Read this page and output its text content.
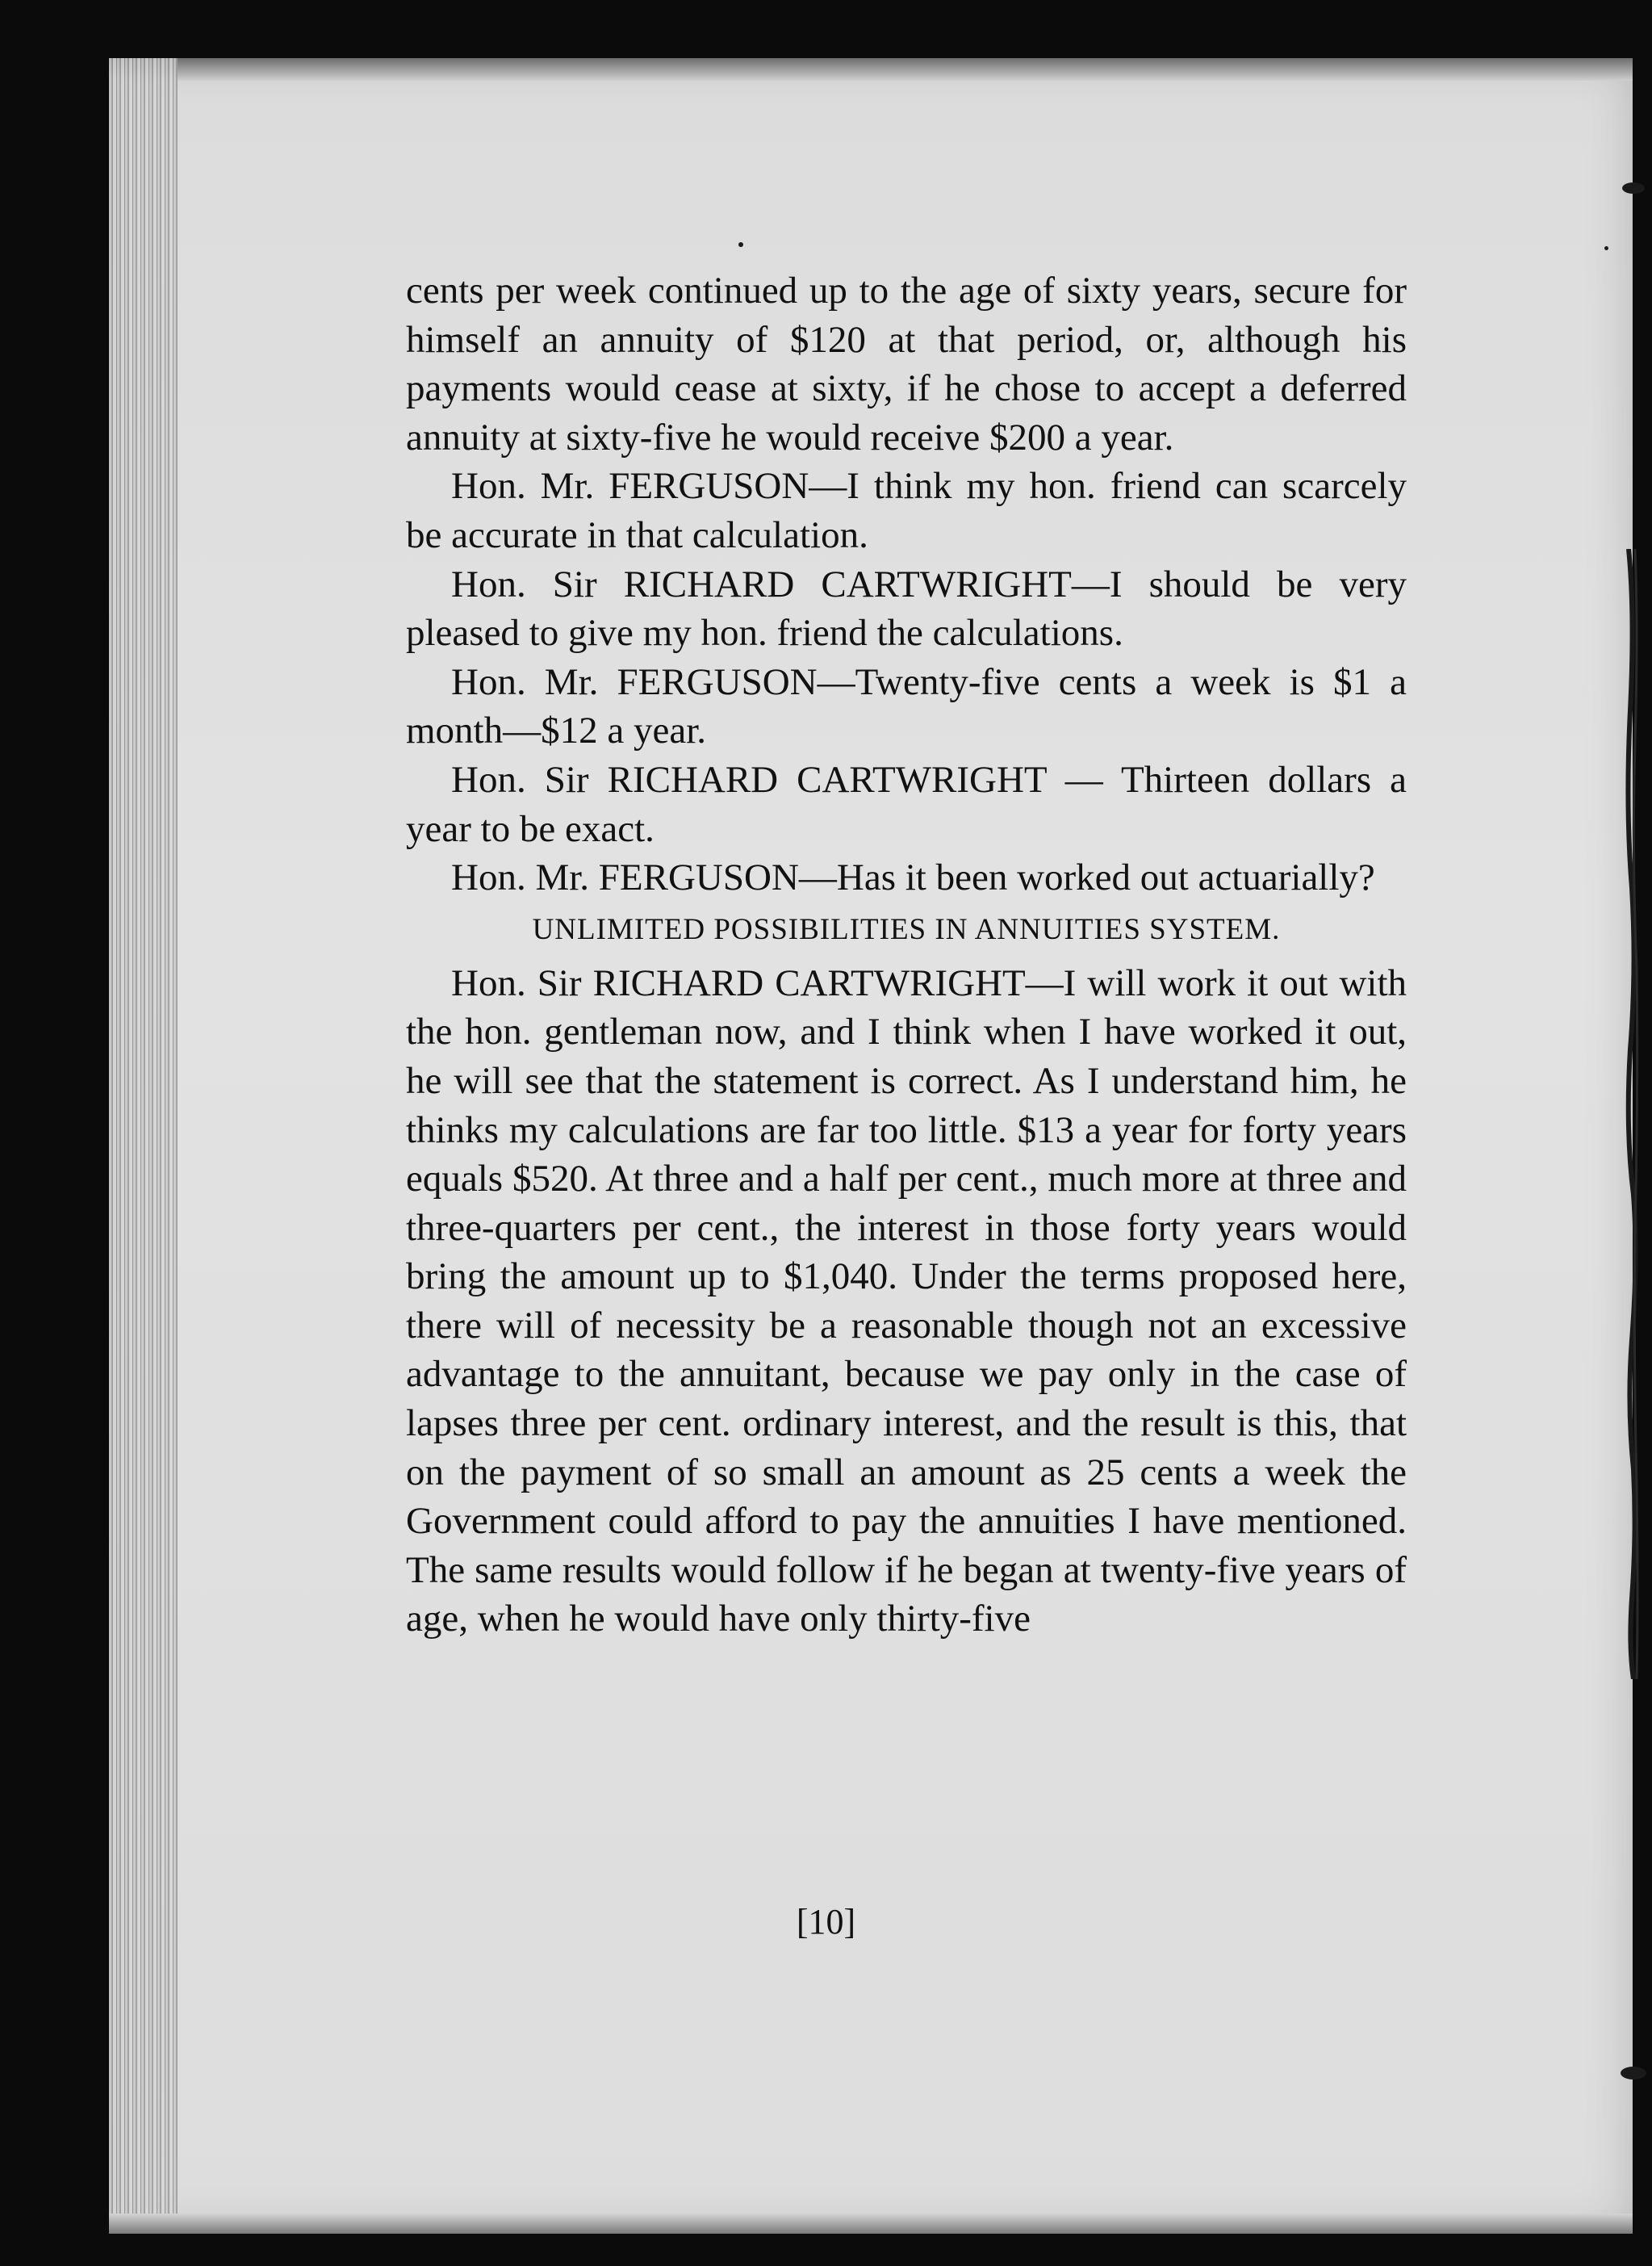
cents per week continued up to the age of sixty years, secure for himself an annuity of $120 at that period, or, although his payments would cease at sixty, if he chose to accept a deferred annuity at sixty-five he would receive $200 a year.

Hon. Mr. FERGUSON—I think my hon. friend can scarcely be accurate in that calculation.

Hon. Sir RICHARD CARTWRIGHT—I should be very pleased to give my hon. friend the calculations.

Hon. Mr. FERGUSON—Twenty-five cents a week is $1 a month—$12 a year.

Hon. Sir RICHARD CARTWRIGHT — Thirteen dollars a year to be exact.

Hon. Mr. FERGUSON—Has it been worked out actuarially?

UNLIMITED POSSIBILITIES IN ANNUITIES SYSTEM.

Hon. Sir RICHARD CARTWRIGHT—I will work it out with the hon. gentleman now, and I think when I have worked it out, he will see that the statement is correct. As I understand him, he thinks my calculations are far too little. $13 a year for forty years equals $520. At three and a half per cent., much more at three and three-quarters per cent., the interest in those forty years would bring the amount up to $1,040. Under the terms proposed here, there will of necessity be a reasonable though not an excessive advantage to the annuitant, because we pay only in the case of lapses three per cent. ordinary interest, and the result is this, that on the payment of so small an amount as 25 cents a week the Government could afford to pay the annuities I have mentioned. The same results would follow if he began at twenty-five years of age, when he would have only thirty-five

[10]
